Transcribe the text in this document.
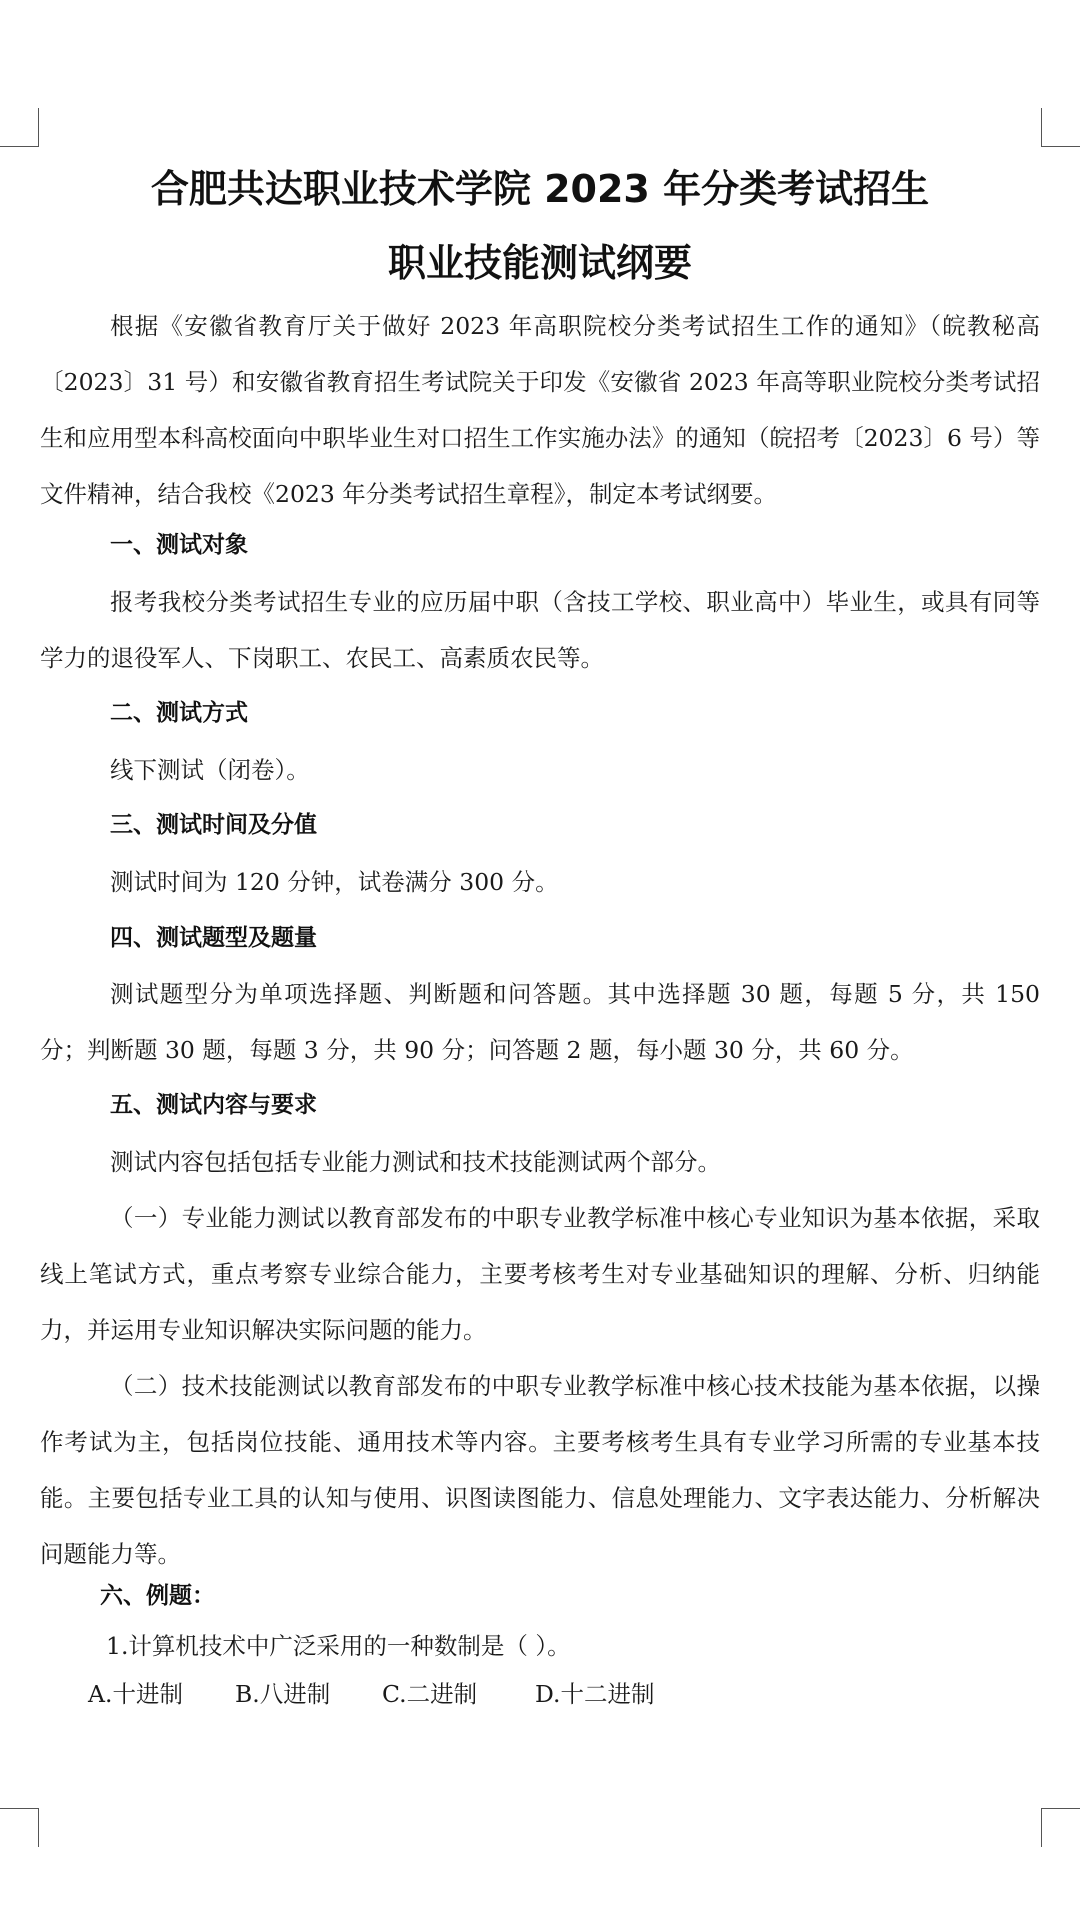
合肥共达职业技术学院 2023 年分类考试招生
职业技能测试纲要

根据《安徽省教育厅关于做好 2023 年高职院校分类考试招生工作的通知》（皖教秘高〔2023〕31 号）和安徽省教育招生考试院关于印发《安徽省 2023 年高等职业院校分类考试招生和应用型本科高校面向中职毕业生对口招生工作实施办法》的通知（皖招考〔2023〕6 号）等文件精神，结合我校《2023 年分类考试招生章程》，制定本考试纲要。

一、测试对象

报考我校分类考试招生专业的应历届中职（含技工学校、职业高中）毕业生，或具有同等学力的退役军人、下岗职工、农民工、高素质农民等。

二、测试方式

线下测试（闭卷）。

三、测试时间及分值

测试时间为 120 分钟，试卷满分 300 分。

四、测试题型及题量

测试题型分为单项选择题、判断题和问答题。其中选择题 30 题，每题 5 分，共 150 分；判断题 30 题，每题 3 分，共 90 分；问答题 2 题，每小题 30 分，共 60 分。

五、测试内容与要求

测试内容包括包括专业能力测试和技术技能测试两个部分。

（一）专业能力测试以教育部发布的中职专业教学标准中核心专业知识为基本依据，采取线上笔试方式，重点考察专业综合能力，主要考核考生对专业基础知识的理解、分析、归纳能力，并运用专业知识解决实际问题的能力。

（二）技术技能测试以教育部发布的中职专业教学标准中核心技术技能为基本依据，以操作考试为主，包括岗位技能、通用技术等内容。主要考核考生具有专业学习所需的专业基本技能。主要包括专业工具的认知与使用、识图读图能力、信息处理能力、文字表达能力、分析解决问题能力等。

六、例题：
1.计算机技术中广泛采用的一种数制是（ ）。
A.十进制 B.八进制 C.二进制 D.十二进制
